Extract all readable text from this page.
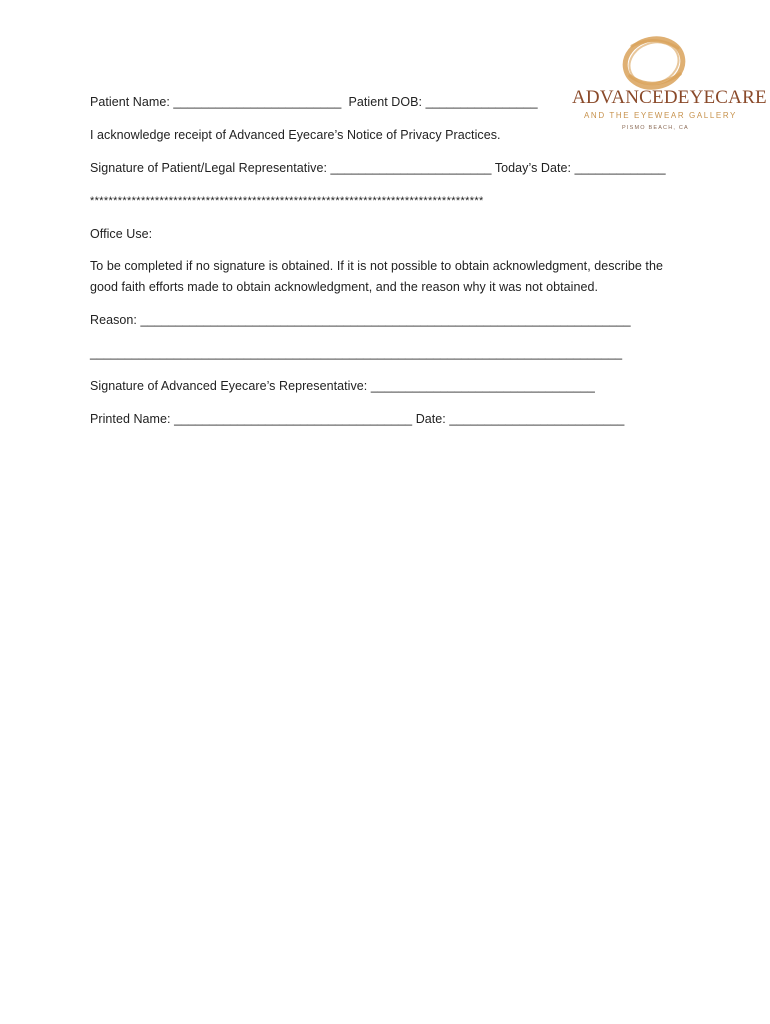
ADVANCEDEYECARE
AND THE EYEWEAR GALLERY
PISMO BEACH, CA
Patient Name: ________________________ Patient DOB: ________________
I acknowledge receipt of Advanced Eyecare’s Notice of Privacy Practices.
Signature of Patient/Legal Representative: _______________________ Today’s Date: _____________
*************************************************************************************
Office Use:
To be completed if no signature is obtained. If it is not possible to obtain acknowledgment, describe the good faith efforts made to obtain acknowledgment, and the reason why it was not obtained.
Reason: ______________________________________________________________________
____________________________________________________________________________
Signature of Advanced Eyecare’s Representative: ________________________________
Printed Name: __________________________________ Date: _________________________
